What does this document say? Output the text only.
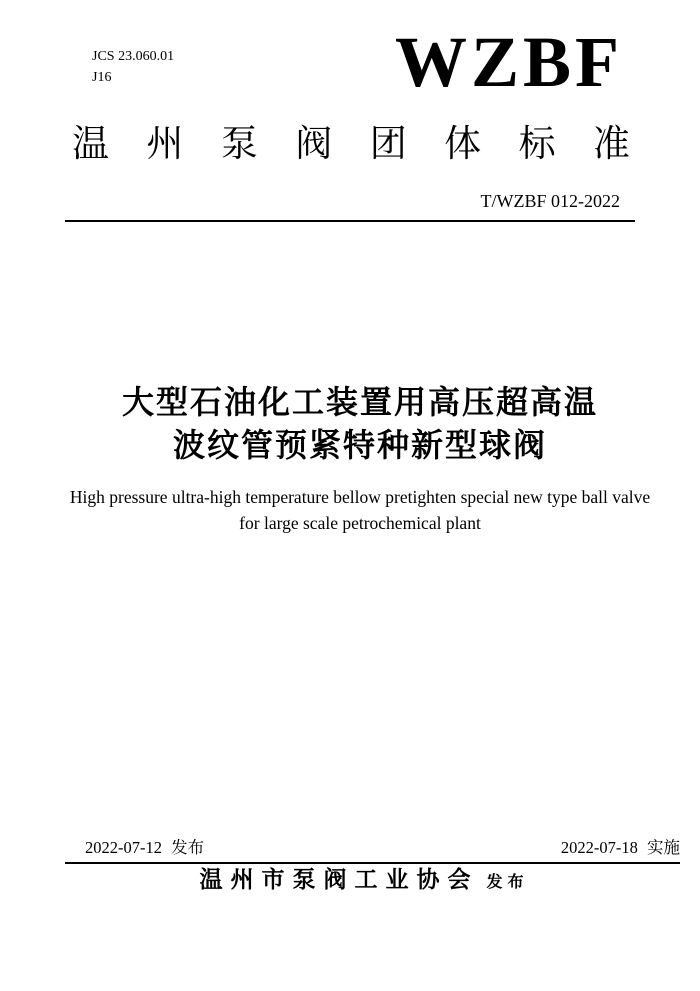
JCS 23.060.01
J16	WZBF
温州泵阀团体标准
T/WZBF 012-2022
大型石油化工装置用高压超高温
波纹管预紧特种新型球阀
High pressure ultra-high temperature bellow pretighten special new type ball valve
for large scale petrochemical plant
2022-07-12 发布	2022-07-18 实施
温州市泵阀工业协会 发布
